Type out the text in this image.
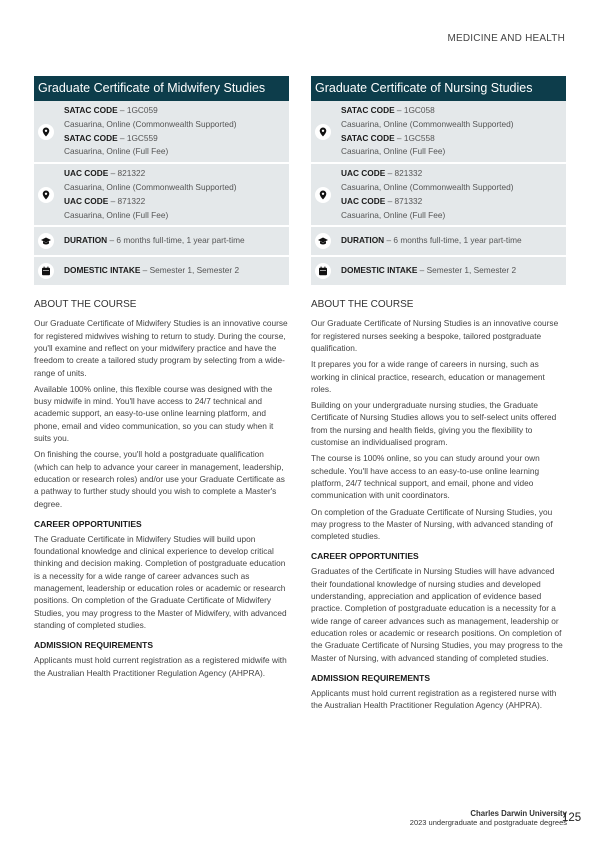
MEDICINE AND HEALTH
Graduate Certificate of Midwifery Studies
SATAC CODE – 1GC059
Casuarina, Online (Commonwealth Supported)
SATAC CODE – 1GC559
Casuarina, Online (Full Fee)
UAC CODE – 821322
Casuarina, Online (Commonwealth Supported)
UAC CODE – 871322
Casuarina, Online (Full Fee)
DURATION – 6 months full-time, 1 year part-time
DOMESTIC INTAKE – Semester 1, Semester 2
ABOUT THE COURSE

Our Graduate Certificate of Midwifery Studies is an innovative course for registered midwives wishing to return to study. During the course, you'll examine and reflect on your midwifery practice and have the freedom to create a tailored study program by selecting from a wide-range of units.

Available 100% online, this flexible course was designed with the busy midwife in mind. You'll have access to 24/7 technical and academic support, an easy-to-use online learning platform, and phone, email and video communication, so you can study when it suits you.

On finishing the course, you'll hold a postgraduate qualification (which can help to advance your career in management, leadership, education or research roles) and/or use your Graduate Certificate as a pathway to further study should you wish to complete a Master's degree.

CAREER OPPORTUNITIES

The Graduate Certificate in Midwifery Studies will build upon foundational knowledge and clinical experience to develop critical thinking and decision making. Completion of postgraduate education is a necessity for a wide range of career advances such as management, leadership or education roles or academic or research positions. On completion of the Graduate Certificate of Midwifery Studies, you may progress to the Master of Midwifery, with advanced standing of completed studies.

ADMISSION REQUIREMENTS

Applicants must hold current registration as a registered midwife with the Australian Health Practitioner Regulation Agency (AHPRA).

Graduate Certificate of Nursing Studies
SATAC CODE – 1GC058
Casuarina, Online (Commonwealth Supported)
SATAC CODE – 1GC558
Casuarina, Online (Full Fee)
UAC CODE – 821332
Casuarina, Online (Commonwealth Supported)
UAC CODE – 871332
Casuarina, Online (Full Fee)
DURATION – 6 months full-time, 1 year part-time
DOMESTIC INTAKE – Semester 1, Semester 2
ABOUT THE COURSE

Our Graduate Certificate of Nursing Studies is an innovative course for registered nurses seeking a bespoke, tailored postgraduate qualification.

It prepares you for a wide range of careers in nursing, such as working in clinical practice, research, education or management roles.

Building on your undergraduate nursing studies, the Graduate Certificate of Nursing Studies allows you to self-select units offered from the nursing and health fields, giving you the flexibility to customise an individualised program.

The course is 100% online, so you can study around your own schedule. You'll have access to an easy-to-use online learning platform, 24/7 technical support, and email, phone and video communication with unit coordinators.

On completion of the Graduate Certificate of Nursing Studies, you may progress to the Master of Nursing, with advanced standing of completed studies.

CAREER OPPORTUNITIES

Graduates of the Certificate in Nursing Studies will have advanced their foundational knowledge of nursing studies and developed understanding, appreciation and application of evidence based practice. Completion of postgraduate education is a necessity for a wide range of career advances such as management, leadership or education roles or academic or research positions. On completion of the Graduate Certificate of Nursing Studies, you may progress to the Master of Nursing, with advanced standing of completed studies.

ADMISSION REQUIREMENTS

Applicants must hold current registration as a registered nurse with the Australian Health Practitioner Regulation Agency (AHPRA).

Charles Darwin University
2023 undergraduate and postgraduate degrees
125
